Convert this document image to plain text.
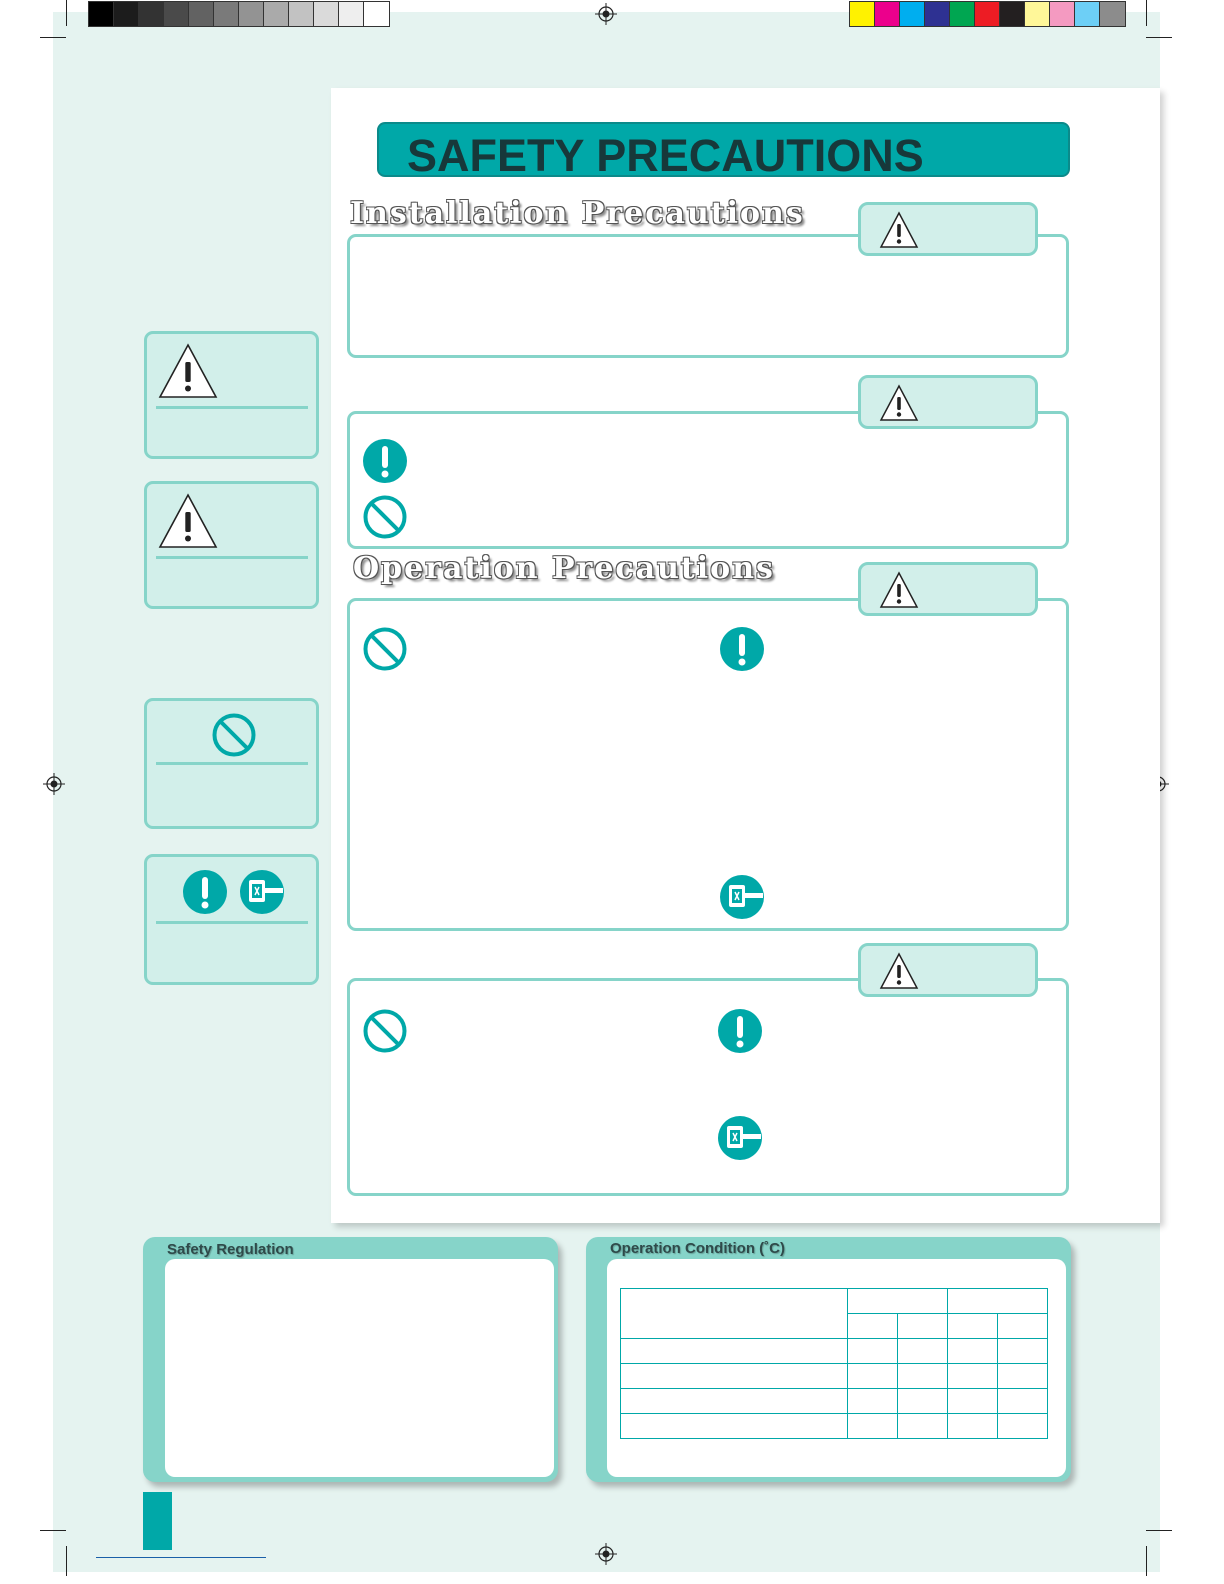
SAFETY PRECAUTIONS
Installation Precautions
Operation Precautions
Safety Regulation	Operation Condition (˚C)
